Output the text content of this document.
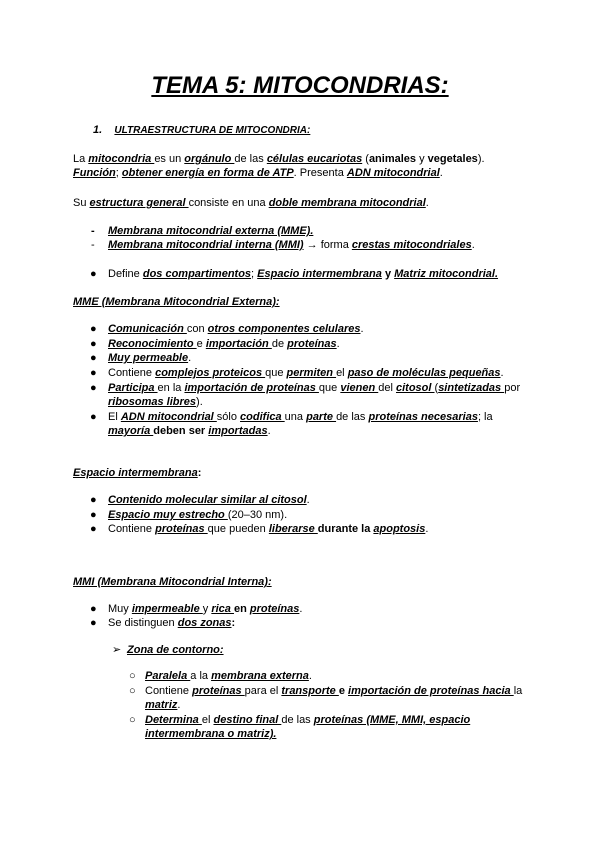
TEMA 5: MITOCONDRIAS:
1. ULTRAESTRUCTURA DE MITOCONDRIA:
La mitocondria es un orgánulo de las células eucariotas (animales y vegetales).
Función; obtener energía en forma de ATP. Presenta ADN mitocondrial.
Su estructura general consiste en una doble membrana mitocondrial.
- Membrana mitocondrial externa (MME).
- Membrana mitocondrial interna (MMI) → forma crestas mitocondriales.
● Define dos compartimentos; Espacio intermembrana y Matriz mitocondrial.
MME (Membrana Mitocondrial Externa):
● Comunicación con otros componentes celulares.
● Reconocimiento e importación de proteínas.
● Muy permeable.
● Contiene complejos proteicos que permiten el paso de moléculas pequeñas.
● Participa en la importación de proteínas que vienen del citosol (sintetizadas por
ribosomas libres).
● El ADN mitocondrial sólo codifica una parte de las proteínas necesarias; la
mayoría deben ser importadas.
Espacio intermembrana:
● Contenido molecular similar al citosol.
● Espacio muy estrecho (20–30 nm).
● Contiene proteínas que pueden liberarse durante la apoptosis.
MMI (Membrana Mitocondrial Interna):
● Muy impermeable y rica en proteínas.
● Se distinguen dos zonas:
➢ Zona de contorno:
○ Paralela a la membrana externa.
○ Contiene proteínas para el transporte e importación de proteínas hacia la
matriz.
○ Determina el destino final de las proteínas (MME, MMI, espacio
intermembrana o matriz).
